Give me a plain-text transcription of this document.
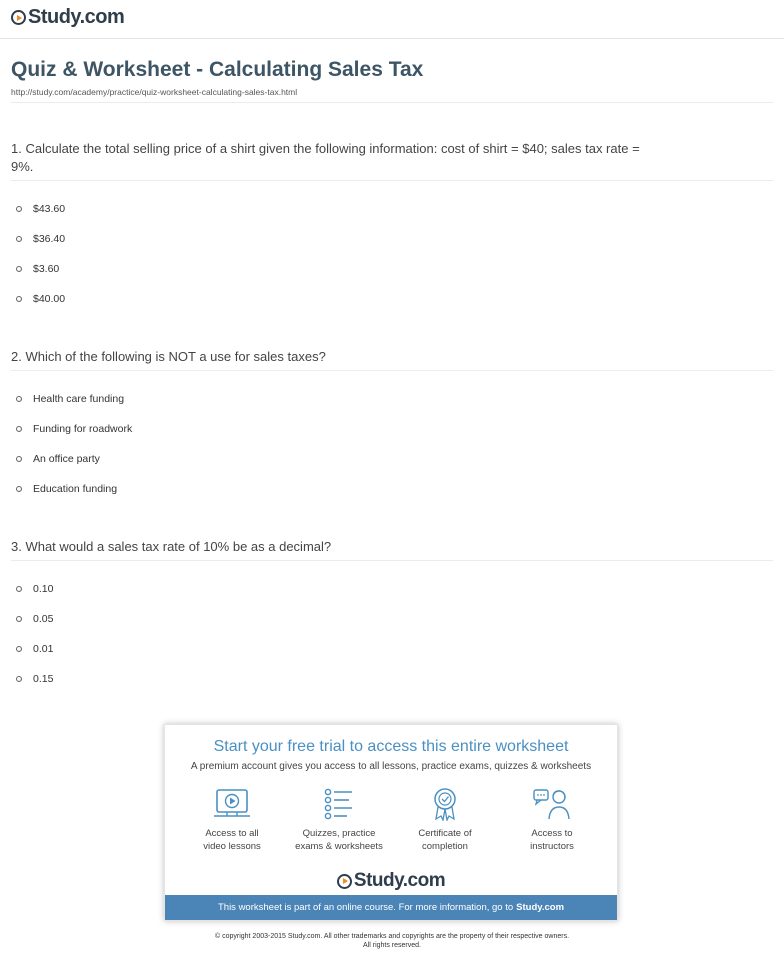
Study.com
Quiz & Worksheet - Calculating Sales Tax
http://study.com/academy/practice/quiz-worksheet-calculating-sales-tax.html
1. Calculate the total selling price of a shirt given the following information: cost of shirt = $40; sales tax rate = 9%.
$43.60
$36.40
$3.60
$40.00
2. Which of the following is NOT a use for sales taxes?
Health care funding
Funding for roadwork
An office party
Education funding
3. What would a sales tax rate of 10% be as a decimal?
0.10
0.05
0.01
0.15
Start your free trial to access this entire worksheet
A premium account gives you access to all lessons, practice exams, quizzes & worksheets
Access to all
video lessons
Quizzes, practice
exams & worksheets
Certificate of
completion
Access to
instructors
Study.com
This worksheet is part of an online course. For more information, go to Study.com
© copyright 2003-2015 Study.com. All other trademarks and copyrights are the property of their respective owners.
All rights reserved.
